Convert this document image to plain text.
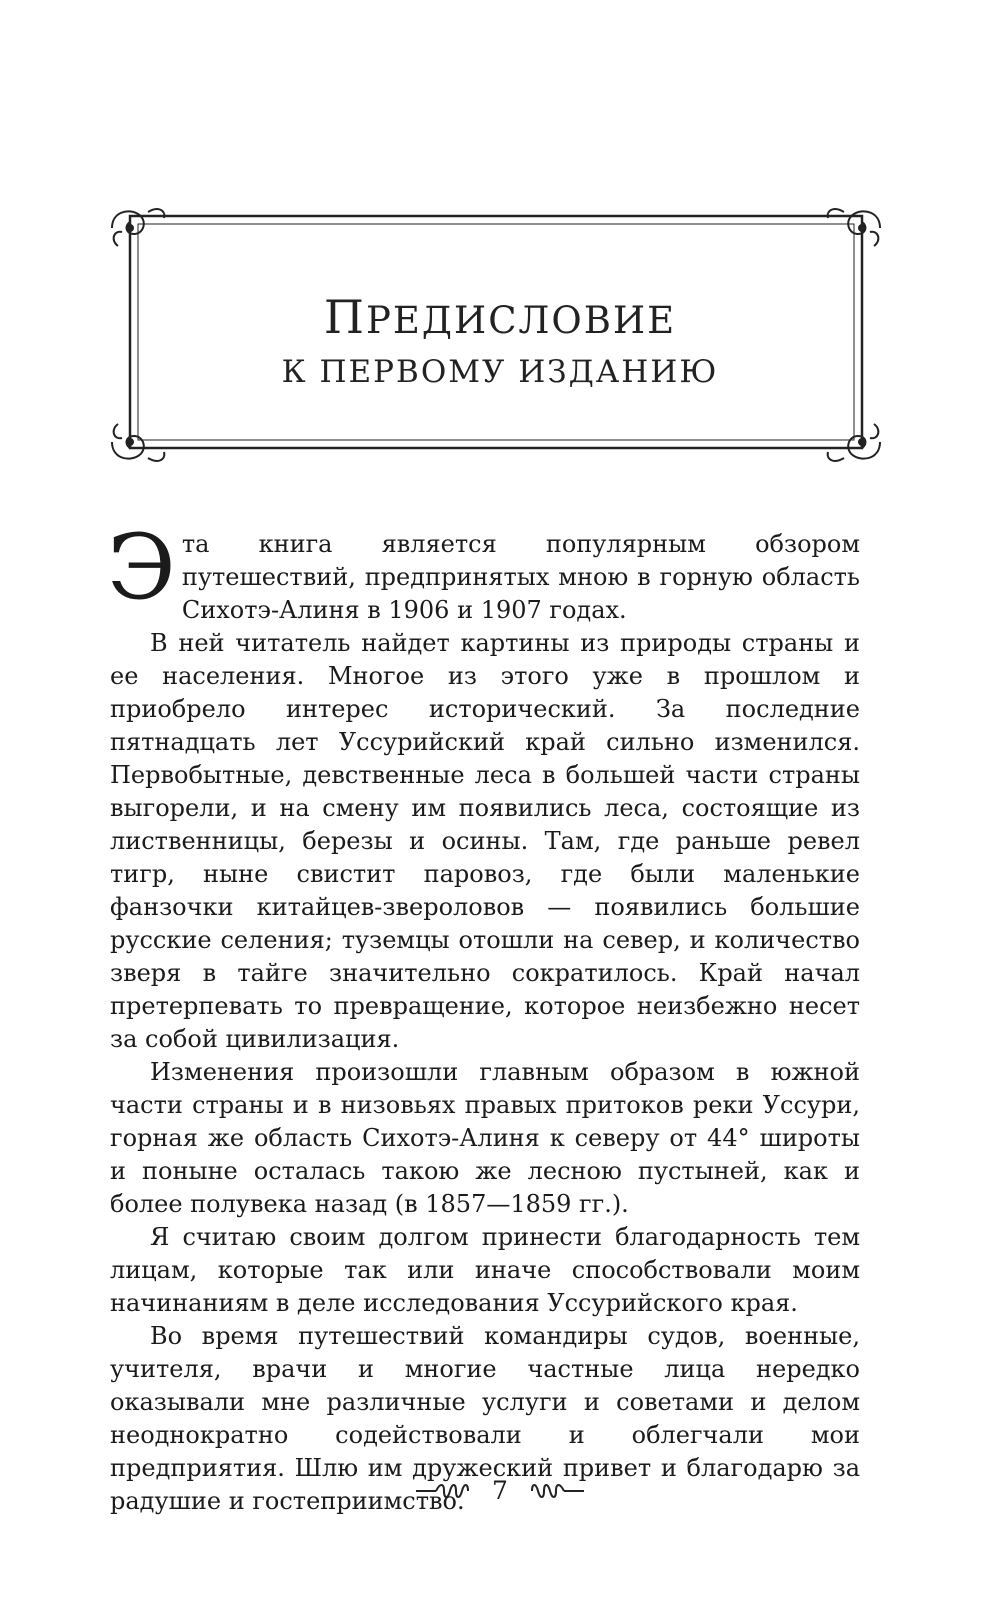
ПРЕДИСЛОВИЕ
К ПЕРВОМУ ИЗДАНИЮ

Эта книга является популярным обзором путешествий, предпринятых мною в горную область Сихотэ-Алиня в 1906 и 1907 годах.

В ней читатель найдет картины из природы страны и ее населения. Многое из этого уже в прошлом и приобрело интерес исторический. За последние пятнадцать лет Уссурийский край сильно изменился. Первобытные, девственные леса в большей части страны выгорели, и на смену им появились леса, состоящие из лиственницы, березы и осины. Там, где раньше ревел тигр, ныне свистит паровоз, где были маленькие фанзочки китайцев-звероловов — появились большие русские селения; туземцы отошли на север, и количество зверя в тайге значительно сократилось. Край начал претерпевать то превращение, которое неизбежно несет за собой цивилизация.

Изменения произошли главным образом в южной части страны и в низовьях правых притоков реки Уссури, горная же область Сихотэ-Алиня к северу от 44° широты и поныне осталась такою же лесною пустыней, как и более полувека назад (в 1857—1859 гг.).

Я считаю своим долгом принести благодарность тем лицам, которые так или иначе способствовали моим начинаниям в деле исследования Уссурийского края.

Во время путешествий командиры судов, военные, учителя, врачи и многие частные лица нередко оказывали мне различные услуги и советами и делом неоднократно содействовали и облегчали мои предприятия. Шлю им дружеский привет и благодарю за радушие и гостеприимство.	7
